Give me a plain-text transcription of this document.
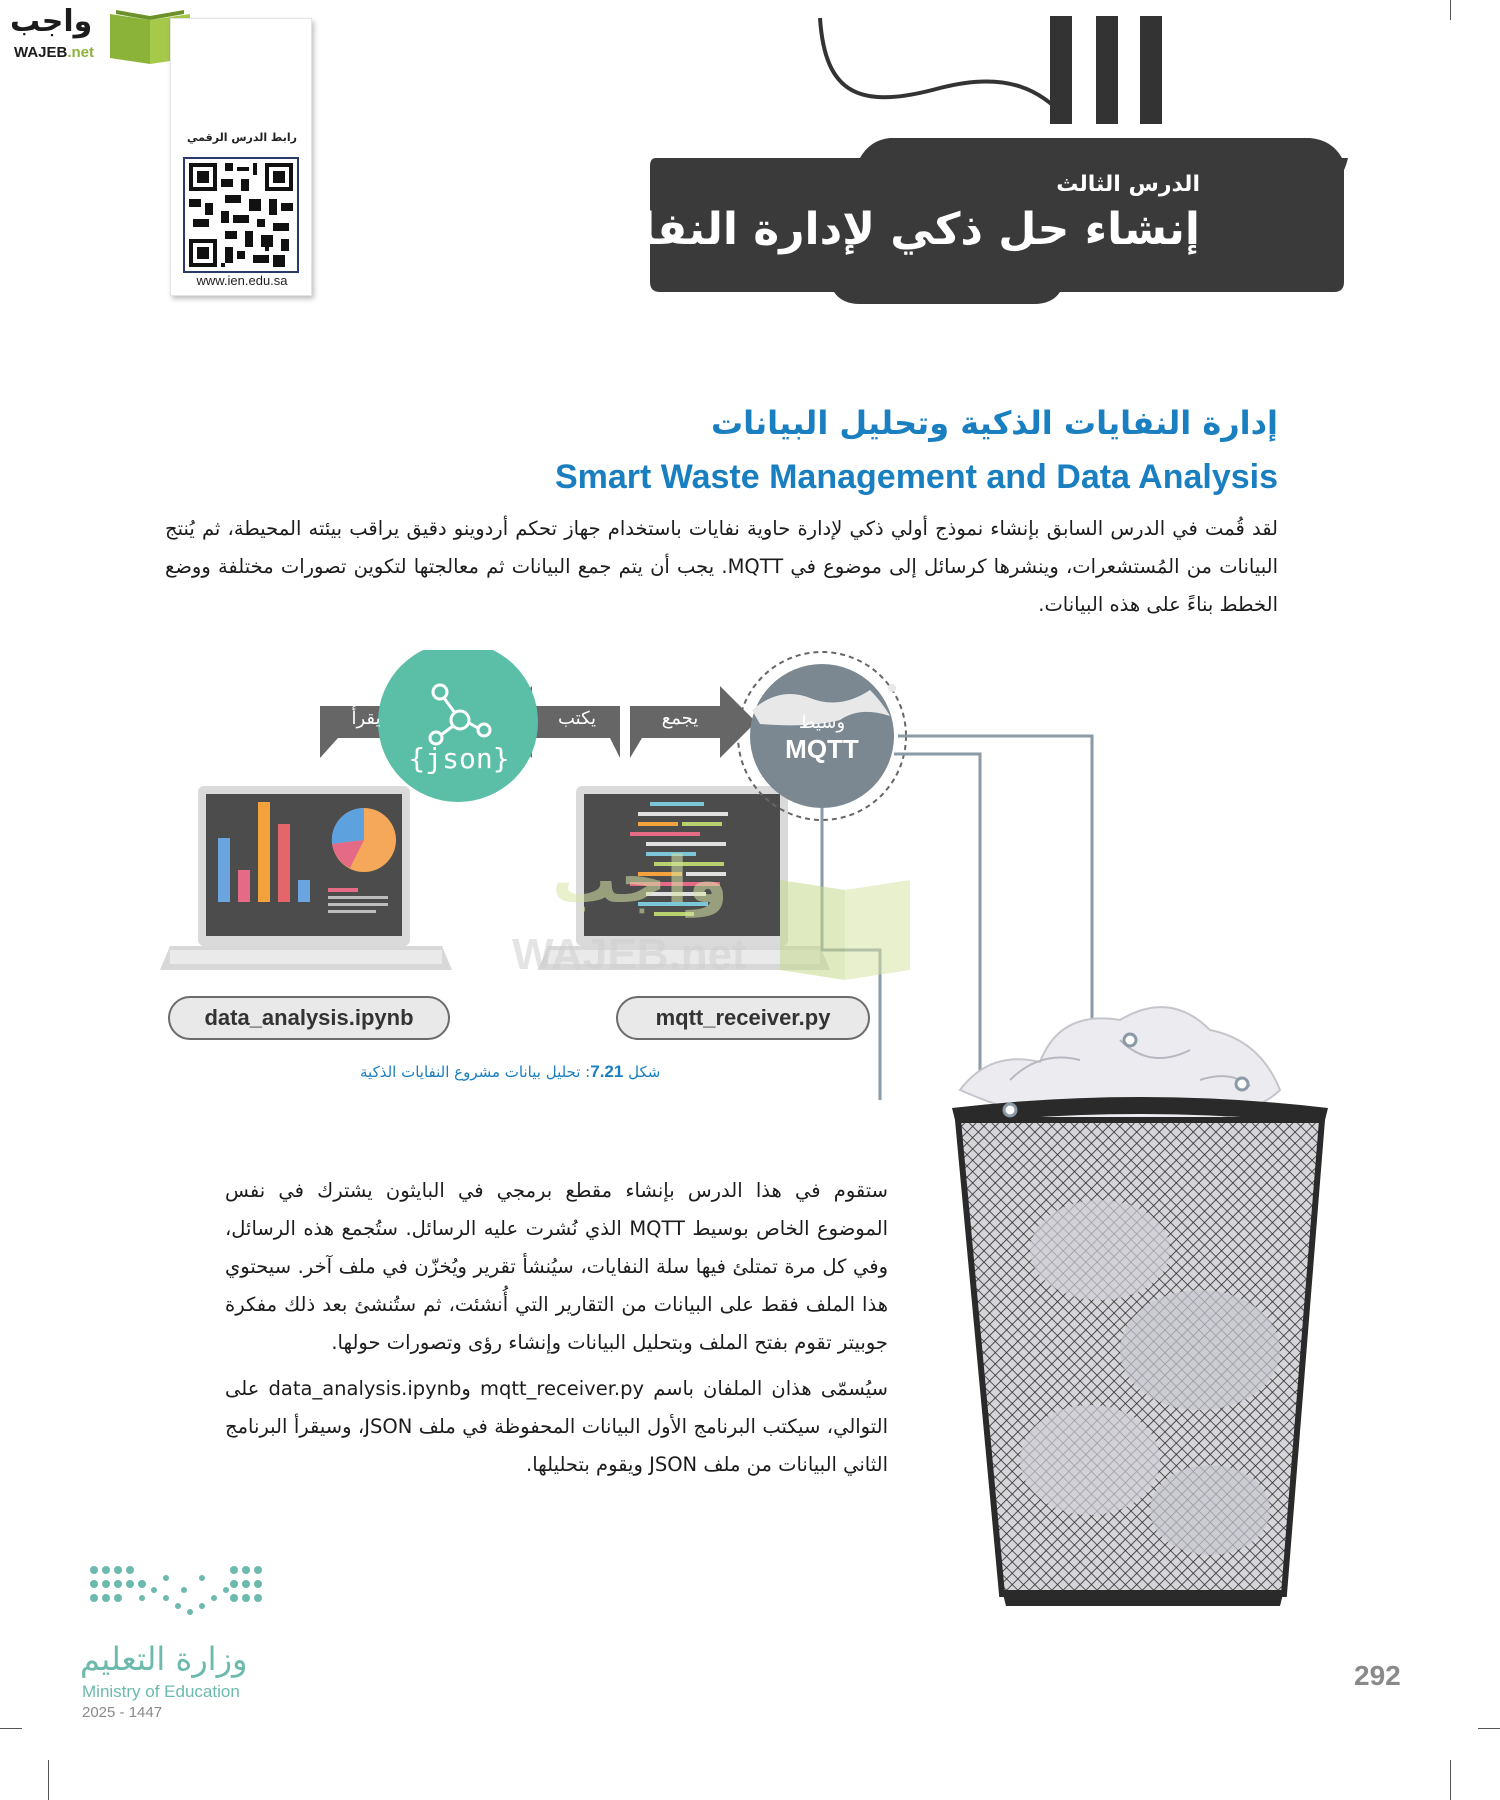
واجب
WAJEB.net
رابط الدرس الرقمي
www.ien.edu.sa
الدرس الثالث
إنشاء حل ذكي لإدارة النفايات
إدارة النفايات الذكية وتحليل البيانات
Smart Waste Management and Data Analysis
لقد قُمت في الدرس السابق بإنشاء نموذج أولي ذكي لإدارة حاوية نفايات باستخدام جهاز تحكم أردوينو دقيق يراقب بيئته المحيطة، ثم يُنتج البيانات من المُستشعرات، وينشرها كرسائل إلى موضوع في MQTT. يجب أن يتم جمع البيانات ثم معالجتها لتكوين تصورات مختلفة ووضع الخطط بناءً على هذه البيانات.
يقرأ	يكتب	يجمع
{json}
وسيط
MQTT
data_analysis.ipynb	mqtt_receiver.py
شكل 7.21: تحليل بيانات مشروع النفايات الذكية

ستقوم في هذا الدرس بإنشاء مقطع برمجي في البايثون يشترك في نفس الموضوع الخاص بوسيط MQTT الذي نُشرت عليه الرسائل. ستُجمع هذه الرسائل، وفي كل مرة تمتلئ فيها سلة النفايات، سيُنشأ تقرير ويُخزّن في ملف آخر. سيحتوي هذا الملف فقط على البيانات من التقارير التي أُنشئت، ثم ستُنشئ بعد ذلك مفكرة جوبيتر تقوم بفتح الملف وبتحليل البيانات وإنشاء رؤى وتصورات حولها.

سيُسمّى هذان الملفان باسم mqtt_receiver.py وdata_analysis.ipynb على التوالي، سيكتب البرنامج الأول البيانات المحفوظة في ملف JSON، وسيقرأ البرنامج الثاني البيانات من ملف JSON ويقوم بتحليلها.

واجب
WAJEB.net
وزارة التعليم
Ministry of Education
2025 - 1447
292
